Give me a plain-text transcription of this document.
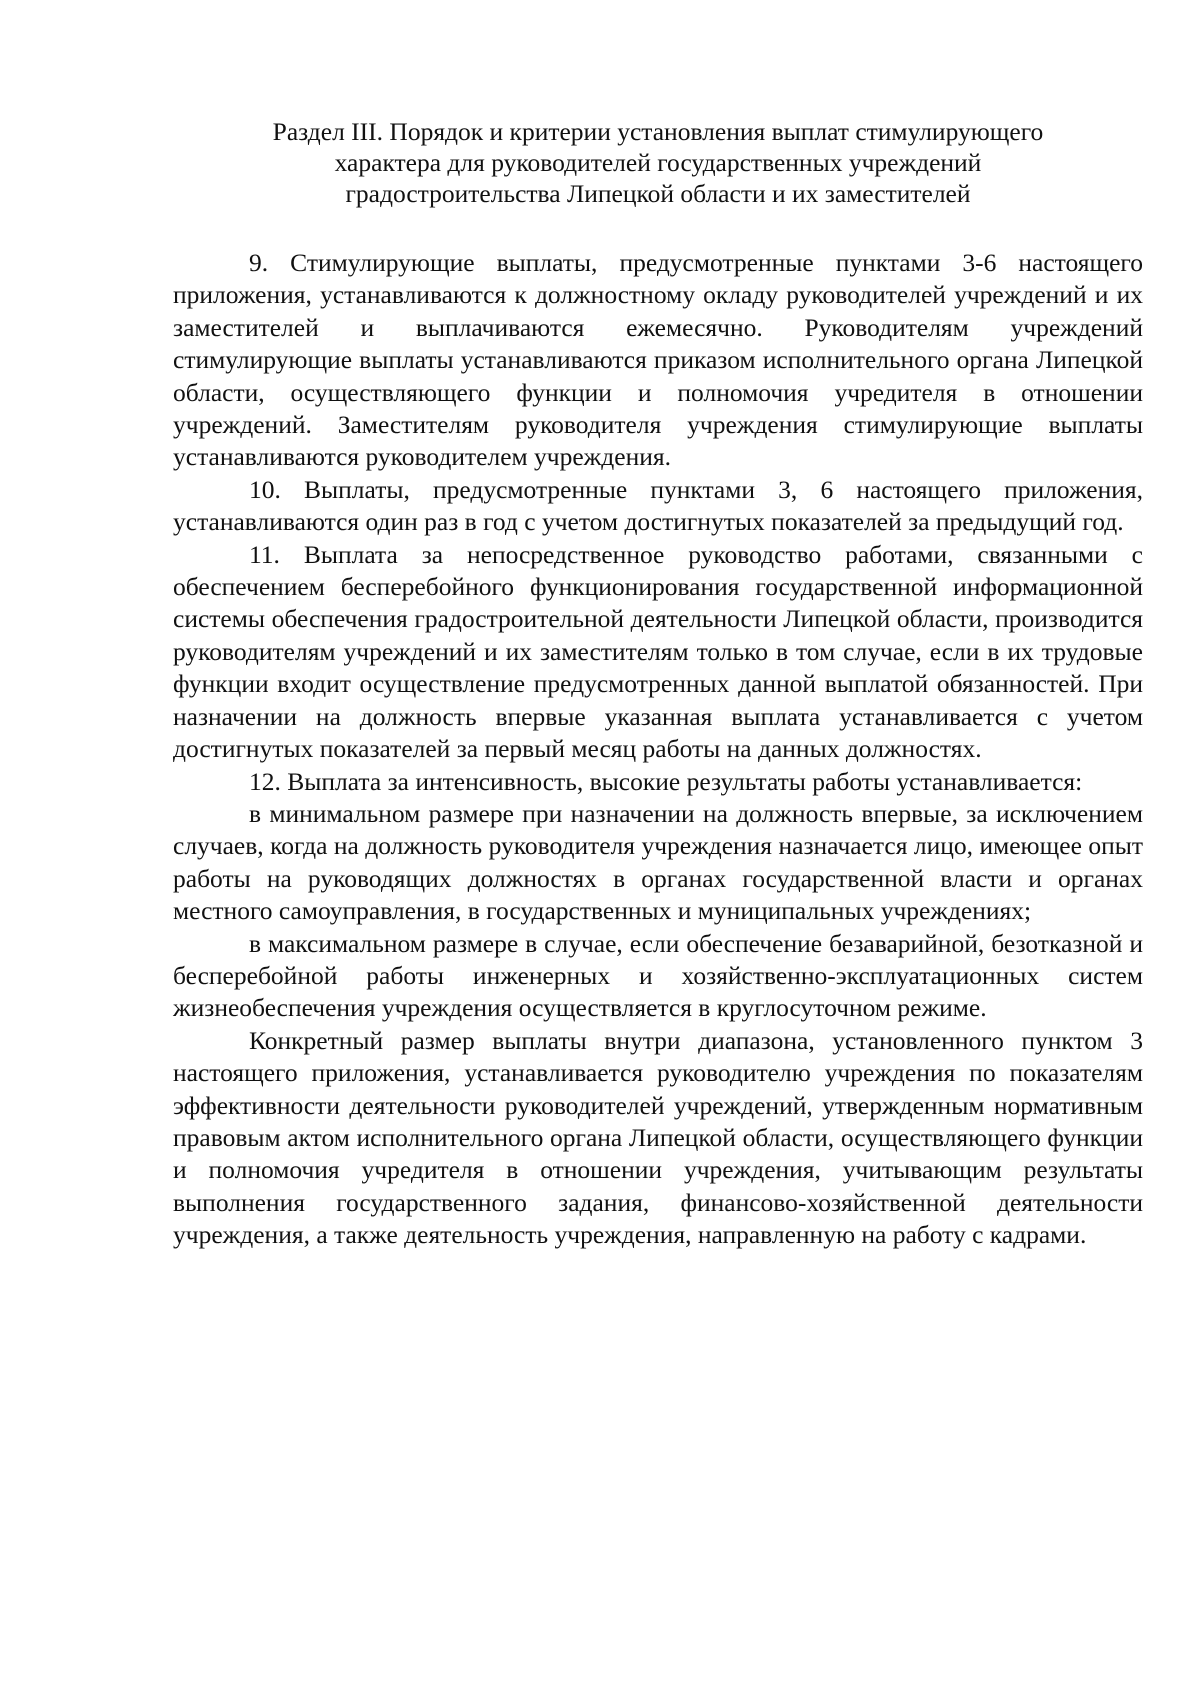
Раздел III. Порядок и критерии установления выплат стимулирующего
характера для руководителей государственных учреждений
градостроительства Липецкой области и их заместителей

9. Стимулирующие выплаты, предусмотренные пунктами 3-6 настоящего приложения, устанавливаются к должностному окладу руководителей учреждений и их заместителей и выплачиваются ежемесячно. Руководителям учреждений стимулирующие выплаты устанавливаются приказом исполнительного органа Липецкой области, осуществляющего функции и полномочия учредителя в отношении учреждений. Заместителям руководителя учреждения стимулирующие выплаты устанавливаются руководителем учреждения.

10. Выплаты, предусмотренные пунктами 3, 6 настоящего приложения, устанавливаются один раз в год с учетом достигнутых показателей за предыдущий год.

11. Выплата за непосредственное руководство работами, связанными с обеспечением бесперебойного функционирования государственной информационной системы обеспечения градостроительной деятельности Липецкой области, производится руководителям учреждений и их заместителям только в том случае, если в их трудовые функции входит осуществление предусмотренных данной выплатой обязанностей. При назначении на должность впервые указанная выплата устанавливается с учетом достигнутых показателей за первый месяц работы на данных должностях.

12. Выплата за интенсивность, высокие результаты работы устанавливается:

в минимальном размере при назначении на должность впервые, за исключением случаев, когда на должность руководителя учреждения назначается лицо, имеющее опыт работы на руководящих должностях в органах государственной власти и органах местного самоуправления, в государственных и муниципальных учреждениях;

в максимальном размере в случае, если обеспечение безаварийной, безотказной и бесперебойной работы инженерных и хозяйственно-эксплуатационных систем жизнеобеспечения учреждения осуществляется в круглосуточном режиме.

Конкретный размер выплаты внутри диапазона, установленного пунктом 3 настоящего приложения, устанавливается руководителю учреждения по показателям эффективности деятельности руководителей учреждений, утвержденным нормативным правовым актом исполнительного органа Липецкой области, осуществляющего функции и полномочия учредителя в отношении учреждения, учитывающим результаты выполнения государственного задания, финансово-хозяйственной деятельности учреждения, а также деятельность учреждения, направленную на работу с кадрами.
